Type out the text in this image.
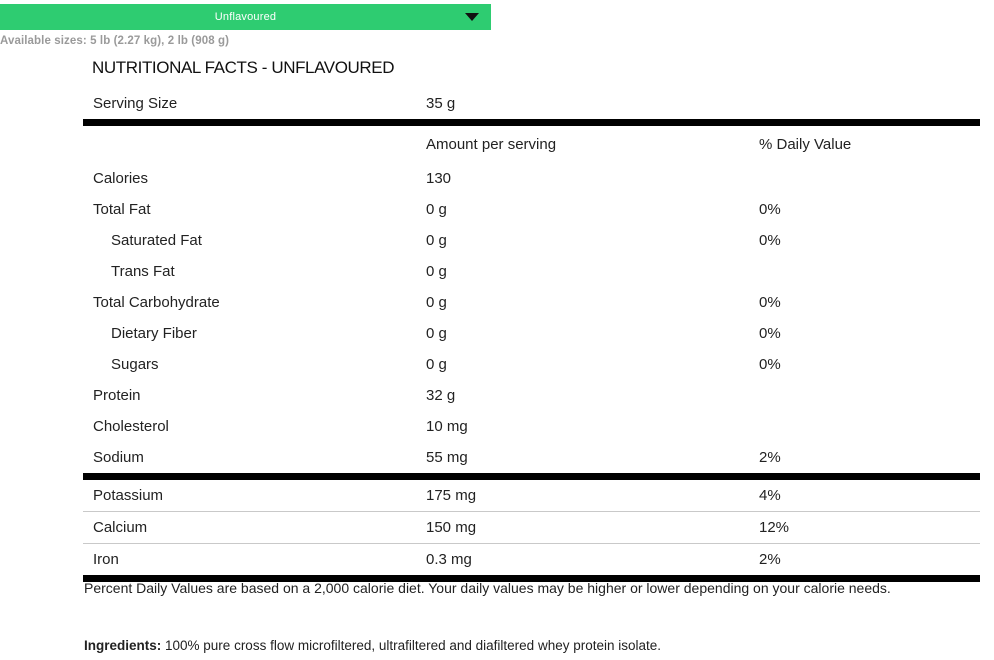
Unflavoured
Available sizes: 5 lb (2.27 kg), 2 lb (908 g)
NUTRITIONAL FACTS - UNFLAVOURED
Serving Size	35 g	

	Amount per serving	% Daily Value
Calories	130	
Total Fat	0 g	0%
Saturated Fat	0 g	0%
Trans Fat	0 g	
Total Carbohydrate	0 g	0%
Dietary Fiber	0 g	0%
Sugars	0 g	0%
Protein	32 g	
Cholesterol	10 mg	
Sodium	55 mg	2%

Potassium	175 mg	4%

Calcium	150 mg	12%

Iron	0.3 mg	2%

Percent Daily Values are based on a 2,000 calorie diet. Your daily values may be higher or lower depending on your calorie needs.
Ingredients: 100% pure cross flow microfiltered, ultrafiltered and diafiltered whey protein isolate.
